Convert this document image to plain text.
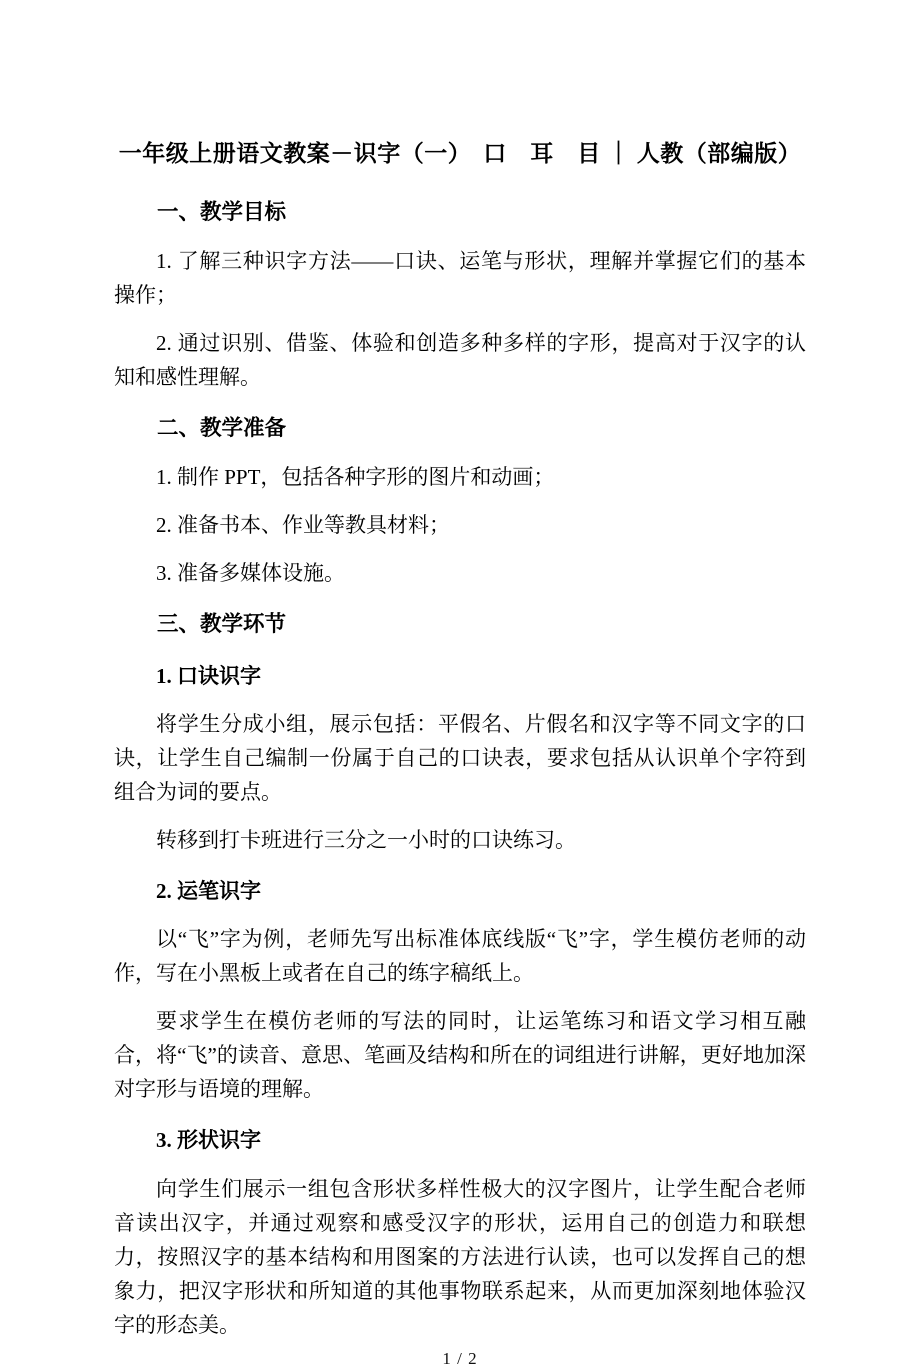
一年级上册语文教案－识字（一）　口　耳　目 ｜ 人教（部编版）
一、教学目标

1. 了解三种识字方法——口诀、运笔与形状，理解并掌握它们的基本操作；

2. 通过识别、借鉴、体验和创造多种多样的字形，提高对于汉字的认知和感性理解。

二、教学准备

1. 制作 PPT，包括各种字形的图片和动画；

2. 准备书本、作业等教具材料；

3. 准备多媒体设施。

三、教学环节
1. 口诀识字

将学生分成小组，展示包括：平假名、片假名和汉字等不同文字的口诀，让学生自己编制一份属于自己的口诀表，要求包括从认识单个字符到组合为词的要点。

转移到打卡班进行三分之一小时的口诀练习。

2. 运笔识字

以“飞”字为例，老师先写出标准体底线版“飞”字，学生模仿老师的动作，写在小黑板上或者在自己的练字稿纸上。

要求学生在模仿老师的写法的同时，让运笔练习和语文学习相互融合，将“飞”的读音、意思、笔画及结构和所在的词组进行讲解，更好地加深对字形与语境的理解。

3. 形状识字

向学生们展示一组包含形状多样性极大的汉字图片，让学生配合老师音读出汉字，并通过观察和感受汉字的形状，运用自己的创造力和联想力，按照汉字的基本结构和用图案的方法进行认读，也可以发挥自己的想象力，把汉字形状和所知道的其他事物联系起来，从而更加深刻地体验汉字的形态美。

1 / 2
